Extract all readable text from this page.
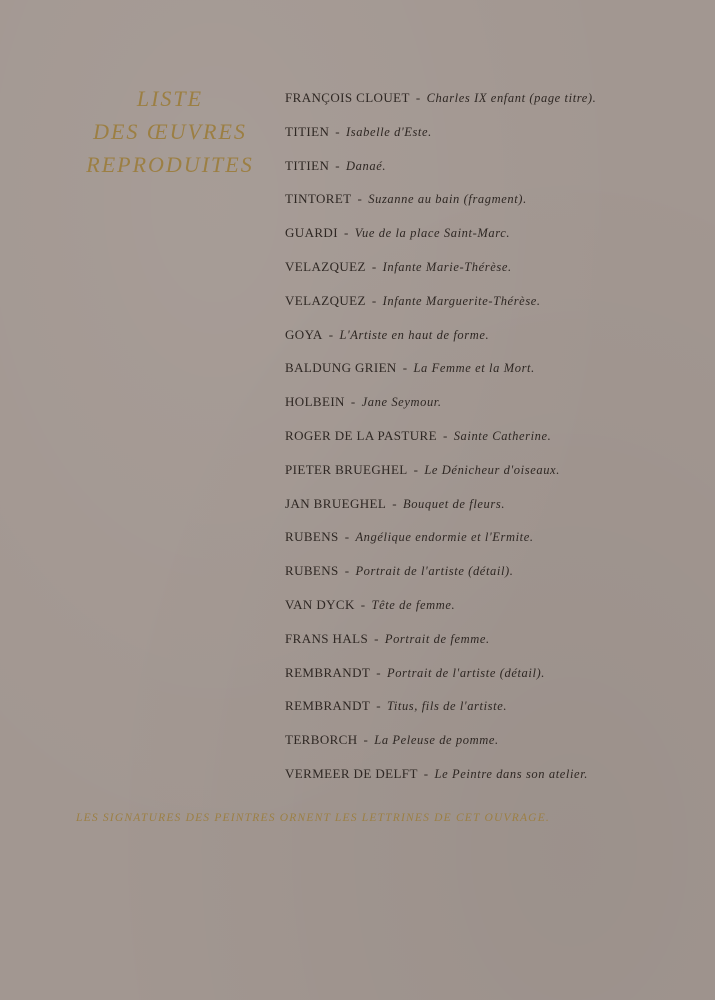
LISTE
DES ŒUVRES
REPRODUITES
FRANÇOIS CLOUET - Charles IX enfant (page titre).
TITIEN - Isabelle d'Este.
TITIEN - Danaé.
TINTORET - Suzanne au bain (fragment).
GUARDI - Vue de la place Saint-Marc.
VELAZQUEZ - Infante Marie-Thérèse.
VELAZQUEZ - Infante Marguerite-Thérèse.
GOYA - L'Artiste en haut de forme.
BALDUNG GRIEN - La Femme et la Mort.
HOLBEIN - Jane Seymour.
ROGER DE LA PASTURE - Sainte Catherine.
PIETER BRUEGHEL - Le Dénicheur d'oiseaux.
JAN BRUEGHEL - Bouquet de fleurs.
RUBENS - Angélique endormie et l'Ermite.
RUBENS - Portrait de l'artiste (détail).
VAN DYCK - Tête de femme.
FRANS HALS - Portrait de femme.
REMBRANDT - Portrait de l'artiste (détail).
REMBRANDT - Titus, fils de l'artiste.
TERBORCH - La Peleuse de pomme.
VERMEER DE DELFT - Le Peintre dans son atelier.

LES SIGNATURES DES PEINTRES ORNENT LES LETTRINES DE CET OUVRAGE.
